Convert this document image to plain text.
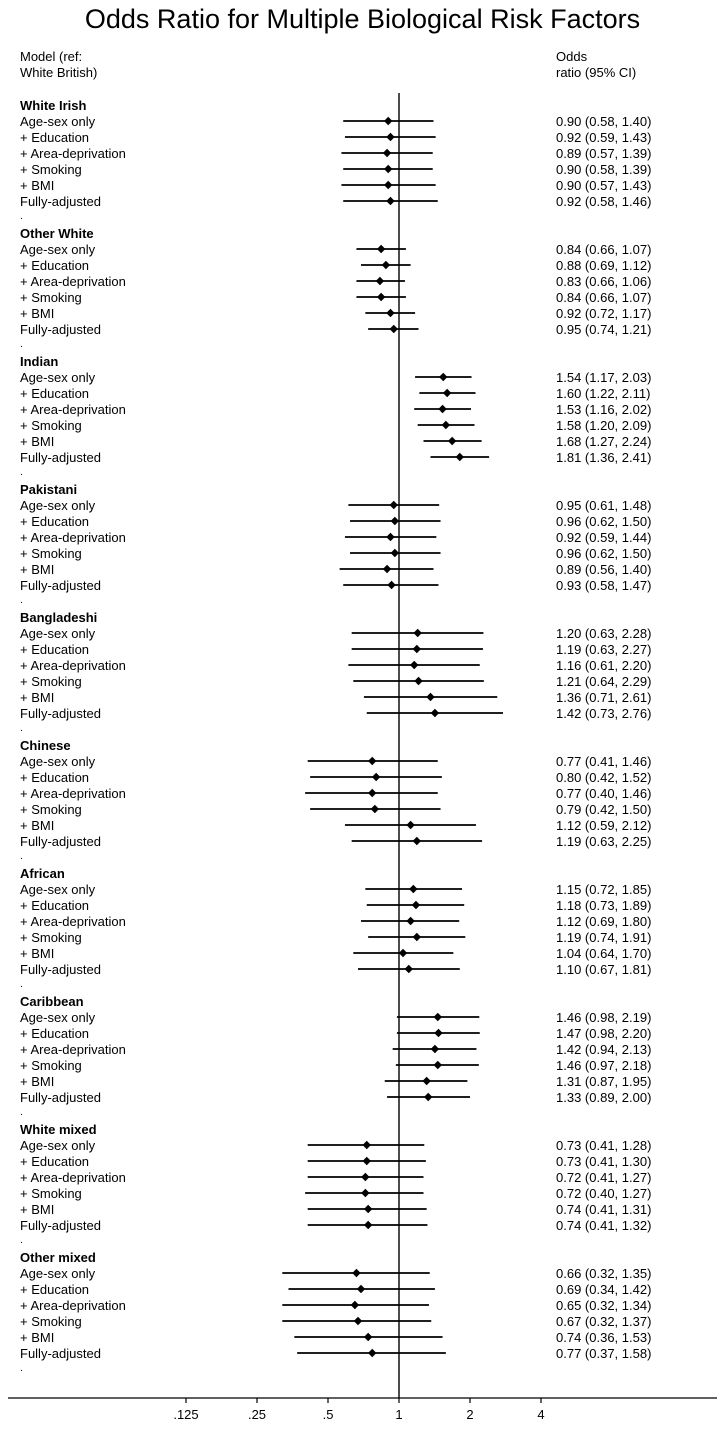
Odds Ratio for Multiple Biological Risk Factors
Model (ref:
White British)
Odds
ratio (95% CI)
White Irish
Age-sex only	0.90 (0.58, 1.40)
+ Education	0.92 (0.59, 1.43)
+ Area-deprivation	0.89 (0.57, 1.39)
+ Smoking	0.90 (0.58, 1.39)
+ BMI	0.90 (0.57, 1.43)
Fully-adjusted	0.92 (0.58, 1.46)
.
Other White
Age-sex only	0.84 (0.66, 1.07)
+ Education	0.88 (0.69, 1.12)
+ Area-deprivation	0.83 (0.66, 1.06)
+ Smoking	0.84 (0.66, 1.07)
+ BMI	0.92 (0.72, 1.17)
Fully-adjusted	0.95 (0.74, 1.21)
.
Indian
Age-sex only	1.54 (1.17, 2.03)
+ Education	1.60 (1.22, 2.11)
+ Area-deprivation	1.53 (1.16, 2.02)
+ Smoking	1.58 (1.20, 2.09)
+ BMI	1.68 (1.27, 2.24)
Fully-adjusted	1.81 (1.36, 2.41)
.
Pakistani
Age-sex only	0.95 (0.61, 1.48)
+ Education	0.96 (0.62, 1.50)
+ Area-deprivation	0.92 (0.59, 1.44)
+ Smoking	0.96 (0.62, 1.50)
+ BMI	0.89 (0.56, 1.40)
Fully-adjusted	0.93 (0.58, 1.47)
.
Bangladeshi
Age-sex only	1.20 (0.63, 2.28)
+ Education	1.19 (0.63, 2.27)
+ Area-deprivation	1.16 (0.61, 2.20)
+ Smoking	1.21 (0.64, 2.29)
+ BMI	1.36 (0.71, 2.61)
Fully-adjusted	1.42 (0.73, 2.76)
.
Chinese
Age-sex only	0.77 (0.41, 1.46)
+ Education	0.80 (0.42, 1.52)
+ Area-deprivation	0.77 (0.40, 1.46)
+ Smoking	0.79 (0.42, 1.50)
+ BMI	1.12 (0.59, 2.12)
Fully-adjusted	1.19 (0.63, 2.25)
.
African
Age-sex only	1.15 (0.72, 1.85)
+ Education	1.18 (0.73, 1.89)
+ Area-deprivation	1.12 (0.69, 1.80)
+ Smoking	1.19 (0.74, 1.91)
+ BMI	1.04 (0.64, 1.70)
Fully-adjusted	1.10 (0.67, 1.81)
.
Caribbean
Age-sex only	1.46 (0.98, 2.19)
+ Education	1.47 (0.98, 2.20)
+ Area-deprivation	1.42 (0.94, 2.13)
+ Smoking	1.46 (0.97, 2.18)
+ BMI	1.31 (0.87, 1.95)
Fully-adjusted	1.33 (0.89, 2.00)
.
White mixed
Age-sex only	0.73 (0.41, 1.28)
+ Education	0.73 (0.41, 1.30)
+ Area-deprivation	0.72 (0.41, 1.27)
+ Smoking	0.72 (0.40, 1.27)
+ BMI	0.74 (0.41, 1.31)
Fully-adjusted	0.74 (0.41, 1.32)
.
Other mixed
Age-sex only	0.66 (0.32, 1.35)
+ Education	0.69 (0.34, 1.42)
+ Area-deprivation	0.65 (0.32, 1.34)
+ Smoking	0.67 (0.32, 1.37)
+ BMI	0.74 (0.36, 1.53)
Fully-adjusted	0.77 (0.37, 1.58)
.
.125	.25	.5	1	2	4
